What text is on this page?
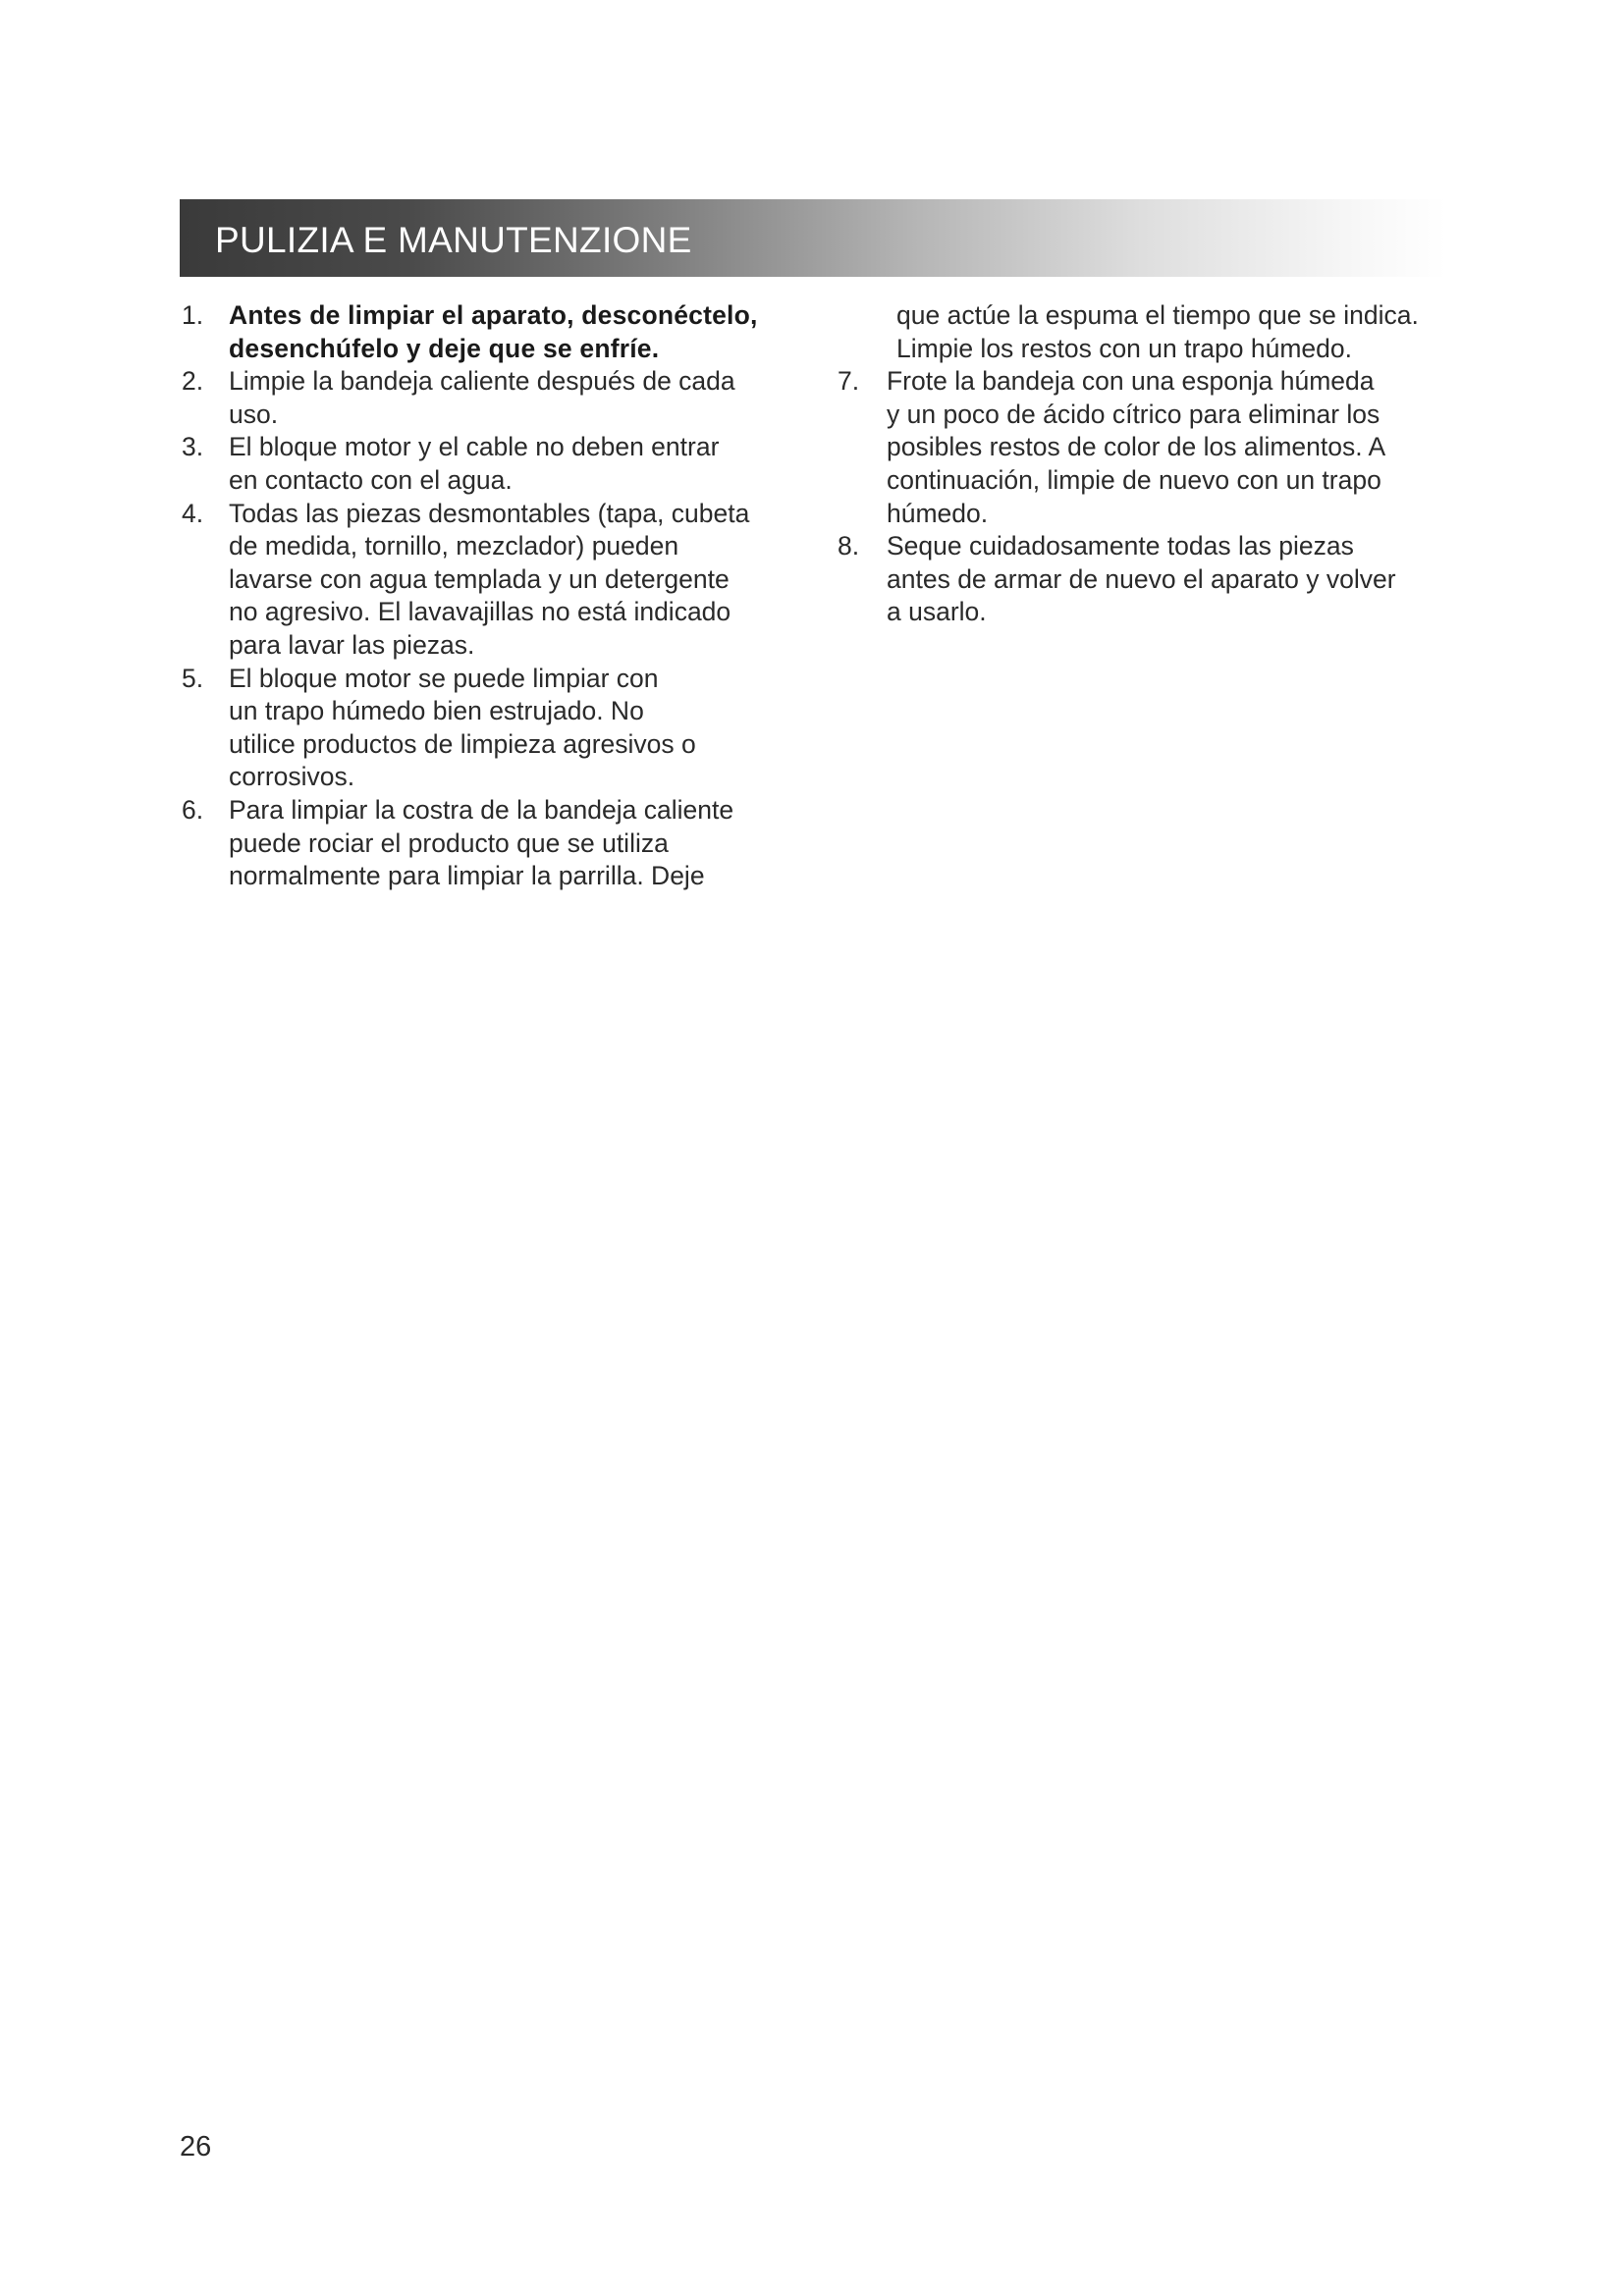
PULIZIA E MANUTENZIONE
1. Antes de limpiar el aparato, desconéctelo,
desenchúfelo y deje que se enfríe.
2. Limpie la bandeja caliente después de cada
uso.
3. El bloque motor y el cable no deben entrar
en contacto con el agua.
4. Todas las piezas desmontables (tapa, cubeta
de medida, tornillo, mezclador) pueden
lavarse con agua templada y un detergente
no agresivo. El lavavajillas no está indicado
para lavar las piezas.
5. El bloque motor se puede limpiar con
un trapo húmedo bien estrujado. No
utilice productos de limpieza agresivos o
corrosivos.
6. Para limpiar la costra de la bandeja caliente
puede rociar el producto que se utiliza
normalmente para limpiar la parrilla. Deje
que actúe la espuma el tiempo que se indica.
Limpie los restos con un trapo húmedo.
7.	Frote la bandeja con una esponja húmeda
y un poco de ácido cítrico para eliminar los
posibles restos de color de los alimentos. A
continuación, limpie de nuevo con un trapo
húmedo.
8.	Seque cuidadosamente todas las piezas
antes de armar de nuevo el aparato y volver
a usarlo.
26
